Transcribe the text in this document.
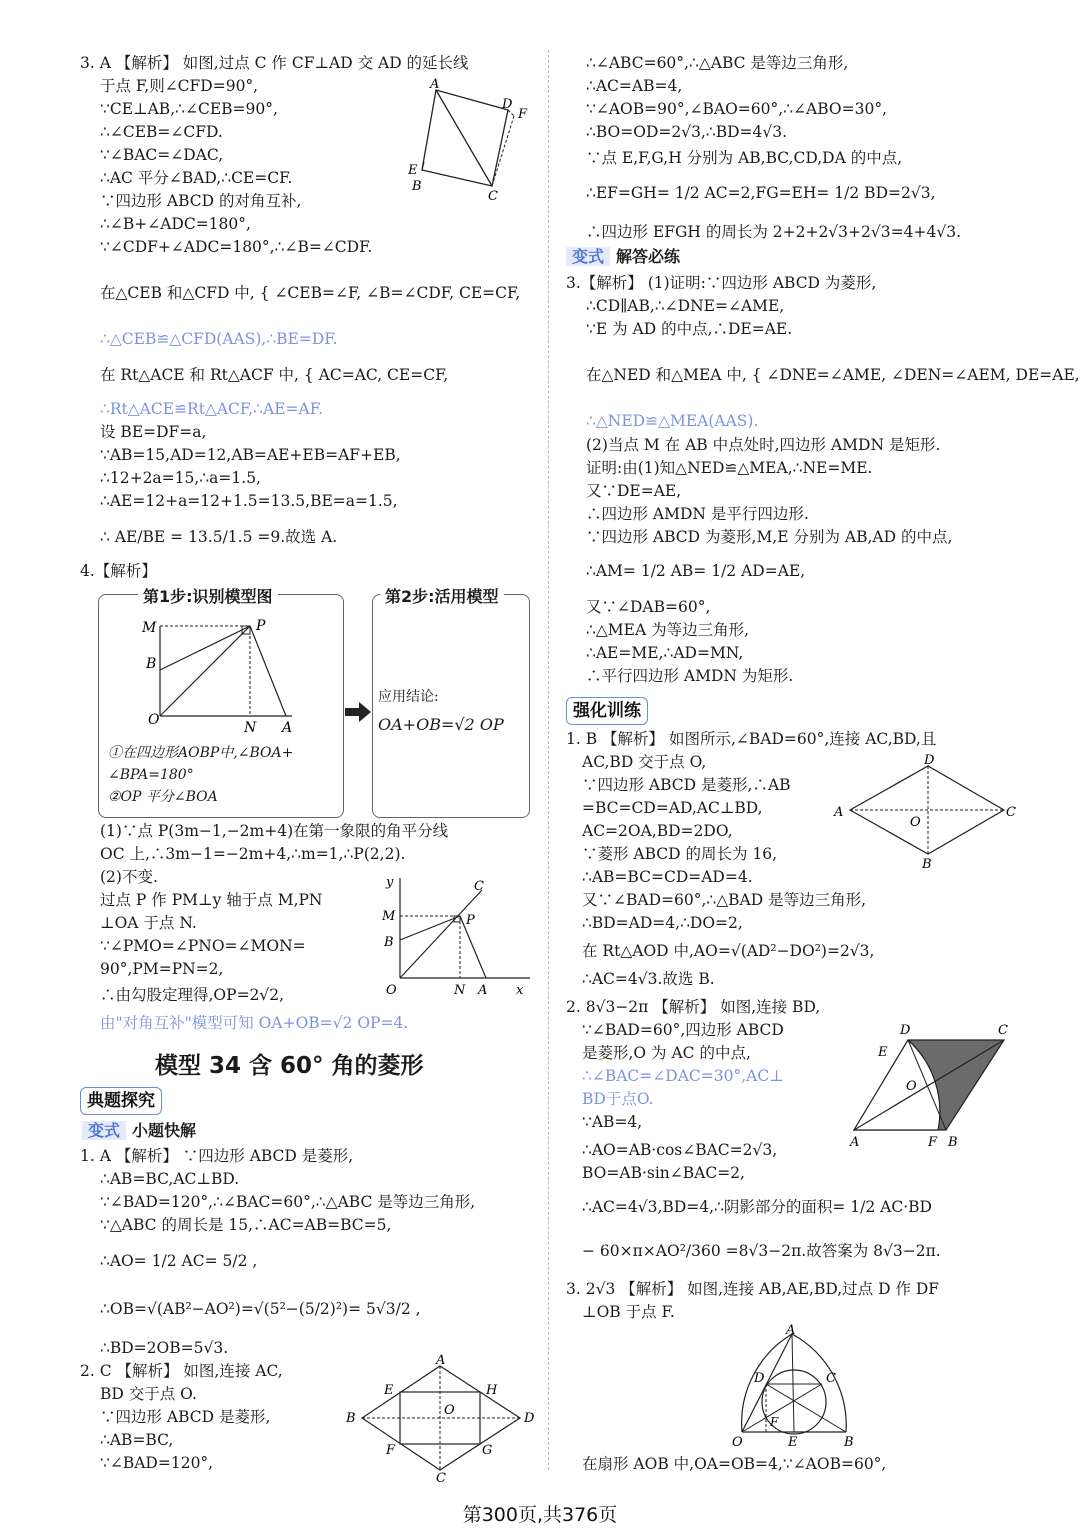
3. A 【解析】 如图,过点 C 作 CF⊥AD 交 AD 的延长线
于点 F,则∠CFD=90°,
∵CE⊥AB,∴∠CEB=90°,
∴∠CEB=∠CFD.
∵∠BAC=∠DAC,
∴AC 平分∠BAD,∴CE=CF.
∵四边形 ABCD 的对角互补,
∴∠B+∠ADC=180°,
∵∠CDF+∠ADC=180°,∴∠B=∠CDF.
在△CEB 和△CFD 中, { ∠CEB=∠F, ∠B=∠CDF, CE=CF,
∴△CEB≌△CFD(AAS),∴BE=DF.
在 Rt△ACE 和 Rt△ACF 中, { AC=AC, CE=CF,
∴Rt△ACE≌Rt△ACF,∴AE=AF.
设 BE=DF=a,
∵AB=15,AD=12,AB=AE+EB=AF+EB,
∴12+2a=15,∴a=1.5,
∴AE=12+a=12+1.5=13.5,BE=a=1.5,
∴ AE/BE = 13.5/1.5 =9.故选 A.
A
D
F
E
B
C
4.【解析】
第1步:识别模型图
M	P
B
O	N A
①在四边形AOBP中,∠BOA+
∠BPA=180°
②OP 平分∠BOA
第2步:活用模型
应用结论:
OA+OB=√2 OP
(1)∵点 P(3m−1,−2m+4)在第一象限的角平分线
OC 上,∴3m−1=−2m+4,∴m=1,∴P(2,2).
(2)不变.
过点 P 作 PM⊥y 轴于点 M,PN
⊥OA 于点 N.
∵∠PMO=∠PNO=∠MON=
90°,PM=PN=2,
∴由勾股定理得,OP=2√2,
由"对角互补"模型可知 OA+OB=√2 OP=4.
y	C
M	P
B
O	N A x
模型 34 含 60° 角的菱形
典题探究
变式 小题快解
1. A 【解析】 ∵四边形 ABCD 是菱形,
∴AB=BC,AC⊥BD.
∵∠BAD=120°,∴∠BAC=60°,∴△ABC 是等边三角形,
∵△ABC 的周长是 15,∴AC=AB=BC=5,
∴AO= 1/2 AC= 5/2 ,
∴OB=√(AB²−AO²)=√(5²−(5/2)²)= 5√3/2 ,
∴BD=2OB=5√3.
2. C 【解析】 如图,连接 AC,
BD 交于点 O.
∵四边形 ABCD 是菱形,
∴AB=BC,
∵∠BAD=120°,
A
E	H
B
O
D
F	G
C
∴∠ABC=60°,∴△ABC 是等边三角形,
∴AC=AB=4,
∵∠AOB=90°,∠BAO=60°,∴∠ABO=30°,
∴BO=OD=2√3,∴BD=4√3.
∵点 E,F,G,H 分别为 AB,BC,CD,DA 的中点,
∴EF=GH= 1/2 AC=2,FG=EH= 1/2 BD=2√3,
∴四边形 EFGH 的周长为 2+2+2√3+2√3=4+4√3.
变式 解答必练
3.【解析】 (1)证明:∵四边形 ABCD 为菱形,
∴CD∥AB,∴∠DNE=∠AME,
∵E 为 AD 的中点,∴DE=AE.
在△NED 和△MEA 中, { ∠DNE=∠AME, ∠DEN=∠AEM, DE=AE,
∴△NED≌△MEA(AAS).
(2)当点 M 在 AB 中点处时,四边形 AMDN 是矩形.
证明:由(1)知△NED≌△MEA,∴NE=ME.
又∵DE=AE,
∴四边形 AMDN 是平行四边形.
∵四边形 ABCD 为菱形,M,E 分别为 AB,AD 的中点,
∴AM= 1/2 AB= 1/2 AD=AE,
又∵∠DAB=60°,
∴△MEA 为等边三角形,
∴AE=ME,∴AD=MN,
∴平行四边形 AMDN 为矩形.
强化训练
1. B 【解析】 如图所示,∠BAD=60°,连接 AC,BD,且
AC,BD 交于点 O,
∵四边形 ABCD 是菱形,∴AB
=BC=CD=AD,AC⊥BD,
AC=2OA,BD=2DO,
∵菱形 ABCD 的周长为 16,
∴AB=BC=CD=AD=4.
又∵∠BAD=60°,∴△BAD 是等边三角形,
∴BD=AD=4,∴DO=2,
在 Rt△AOD 中,AO=√(AD²−DO²)=2√3,
∴AC=4√3.故选 B.
D
A	C
O
B
2. 8√3−2π 【解析】 如图,连接 BD,
∵∠BAD=60°,四边形 ABCD
是菱形,O 为 AC 的中点,
∴∠BAC=∠DAC=30°,AC⊥
BD于点O.
∵AB=4,
∴AO=AB·cos∠BAC=2√3,
BO=AB·sin∠BAC=2,
∴AC=4√3,BD=4,∴阴影部分的面积= 1/2 AC·BD
− 60×π×AO²/360 =8√3−2π.故答案为 8√3−2π.
D	C
E
O
A	F B
3. 2√3 【解析】 如图,连接 AB,AE,BD,过点 D 作 DF
⊥OB 于点 F.
在扇形 AOB 中,OA=OB=4,∵∠AOB=60°,
A
D	C
F
O	E	B
第300页,共376页
